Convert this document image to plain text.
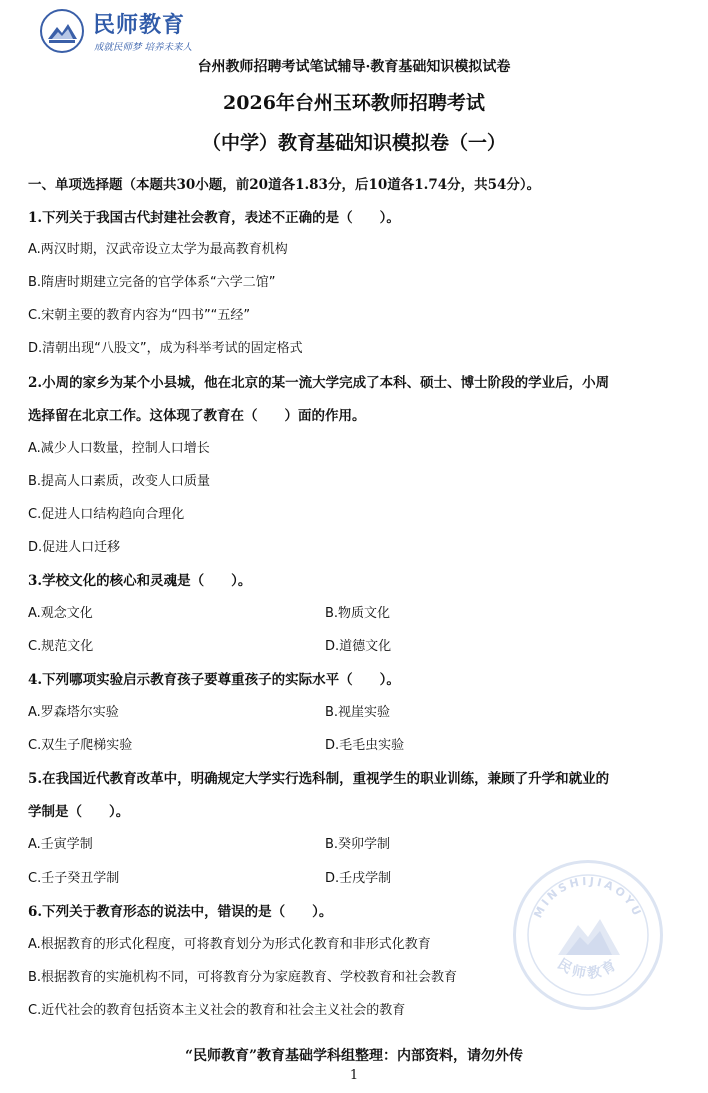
民师教育
成就民师梦 培养未来人
台州教师招聘考试笔试辅导·教育基础知识模拟试卷
2026年台州玉环教师招聘考试
（中学）教育基础知识模拟卷（一）
一、单项选择题（本题共30小题，前20道各1.83分，后10道各1.74分，共54分）。
1.下列关于我国古代封建社会教育，表述不正确的是（　　）。
A.两汉时期，汉武帝设立太学为最高教育机构
B.隋唐时期建立完备的官学体系“六学二馆”
C.宋朝主要的教育内容为“四书”“五经”
D.清朝出现“八股文”，成为科举考试的固定格式
2.小周的家乡为某个小县城，他在北京的某一流大学完成了本科、硕士、博士阶段的学业后，小周
选择留在北京工作。这体现了教育在（　　）面的作用。
A.减少人口数量，控制人口增长
B.提高人口素质，改变人口质量
C.促进人口结构趋向合理化
D.促进人口迁移
3.学校文化的核心和灵魂是（　　）。
A.观念文化	B.物质文化
C.规范文化	D.道德文化
4.下列哪项实验启示教育孩子要尊重孩子的实际水平（　　）。
A.罗森塔尔实验	B.视崖实验
C.双生子爬梯实验	D.毛毛虫实验
5.在我国近代教育改革中，明确规定大学实行选科制，重视学生的职业训练，兼顾了升学和就业的
学制是（　　）。
A.壬寅学制	B.癸卯学制
C.壬子癸丑学制	D.壬戌学制
6.下列关于教育形态的说法中，错误的是（　　）。
A.根据教育的形式化程度，可将教育划分为形式化教育和非形式化教育
B.根据教育的实施机构不同，可将教育分为家庭教育、学校教育和社会教育
C.近代社会的教育包括资本主义社会的教育和社会主义社会的教育
MINSHIJIAOYU
民师教育
“民师教育”教育基础学科组整理：内部资料，请勿外传
1
